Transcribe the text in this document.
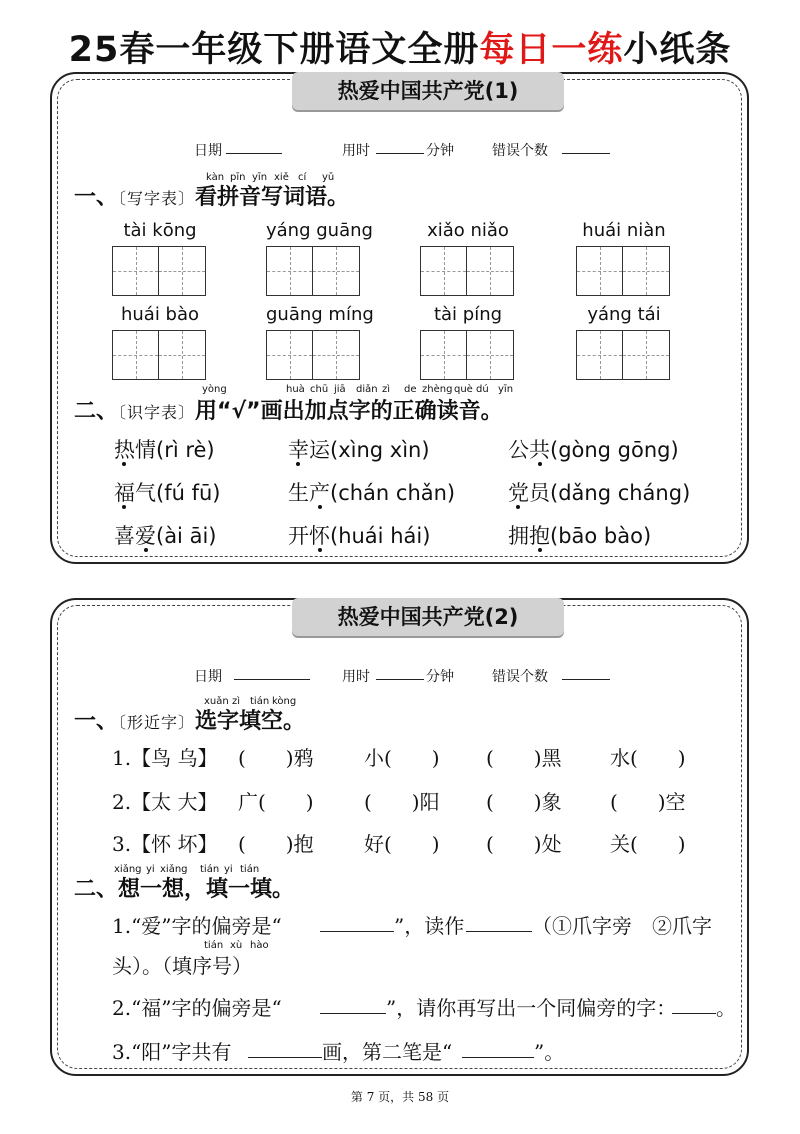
25春一年级下册语文全册每日一练小纸条
热爱中国共产党(1)
日期	用时	分钟	错误个数
kàn pīn yīn xiě cí yǔ
一、〔写字表〕看拼音写词语。
tài kōng	yáng guāng	xiǎo niǎo	huái niàn
huái bào	guāng míng	tài píng	yáng tái
yòng	huà chū jiā diǎn zì de zhèng què dú yīn
二、〔识字表〕用“√”画出加点字的正确读音。
热情(rì rè)	幸运(xìng xìn)	公共(gòng gōng)
福气(fú fū)	生产(chán chǎn)	党员(dǎng cháng)
喜爱(ài āi)	开怀(huái hái)	拥抱(bāo bào)
热爱中国共产党(2)
日期	用时	分钟	错误个数
xuǎn zì tián kòng
一、〔形近字〕选字填空。
1.【鸟 乌】 (　　)鸦	小(　　) (　　)黑 水(　　)
2.【太 大】 广(　　)	(　　)阳 (　　)象 (　　)空
3.【怀 坏】 (　　)抱	好(　　) (　　)处 关(　　)
xiǎng yi xiǎng tián yi tián
二、想一想，填一填。
1.“爱”字的偏旁是“	”，读作	（①爪字旁　②爪字
tián xù hào
头）。（填序号）
2.“福”字的偏旁是“	”，请你再写出一个同偏旁的字： 。
3.“阳”字共有	画，第二笔是“	”。
第 7 页，共 58 页
